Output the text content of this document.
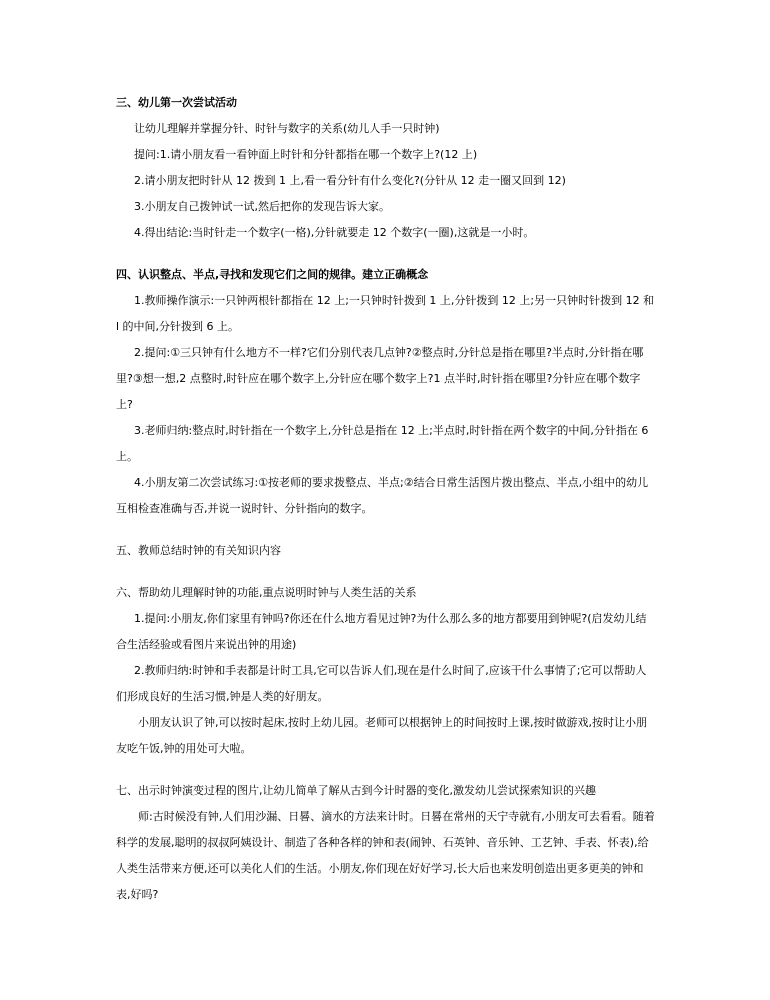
三、幼儿第一次尝试活动

让幼儿理解并掌握分针、时针与数字的关系(幼儿人手一只时钟)

提问:1.请小朋友看一看钟面上时针和分针都指在哪一个数字上?(12 上)

2.请小朋友把时针从 12 拨到 1 上,看一看分针有什么变化?(分针从 12 走一圈又回到 12)

3.小朋友自己拨钟试一试,然后把你的发现告诉大家。

4.得出结论:当时针走一个数字(一格),分针就要走 12 个数字(一圈),这就是一小时。

四、认识整点、半点,寻找和发现它们之间的规律。建立正确概念

1.教师操作演示:一只钟两根针都指在 12 上;一只钟时针拨到 1 上,分针拨到 12 上;另一只钟时针拨到 12 和 l 的中间,分针拨到 6 上。

2.提问:①三只钟有什么地方不一样?它们分别代表几点钟?②整点时,分针总是指在哪里?半点时,分针指在哪里?③想一想,2 点整时,时针应在哪个数字上,分针应在哪个数字上?1 点半时,时针指在哪里?分针应在哪个数字上?

3.老师归纳:整点时,时针指在一个数字上,分针总是指在 12 上;半点时,时针指在两个数字的中间,分针指在 6 上。

4.小朋友第二次尝试练习:①按老师的要求拨整点、半点;②结合日常生活图片拨出整点、半点,小组中的幼儿互相检查准确与否,并说一说时针、分针指向的数字。

五、教师总结时钟的有关知识内容

六、帮助幼儿理解时钟的功能,重点说明时钟与人类生活的关系

1.提问:小朋友,你们家里有钟吗?你还在什么地方看见过钟?为什么那么多的地方都要用到钟呢?(启发幼儿结合生活经验或看图片来说出钟的用途)

2.教师归纳:时钟和手表都是计时工具,它可以告诉人们,现在是什么时间了,应该干什么事情了;它可以帮助人们形成良好的生活习惯,钟是人类的好朋友。

小朋友认识了钟,可以按时起床,按时上幼儿园。老师可以根据钟上的时间按时上课,按时做游戏,按时让小朋友吃午饭,钟的用处可大啦。

七、出示时钟演变过程的图片,让幼儿简单了解从古到今计时器的变化,激发幼儿尝试探索知识的兴趣

师:古时候没有钟,人们用沙漏、日晷、滴水的方法来计时。日晷在常州的天宁寺就有,小朋友可去看看。随着科学的发展,聪明的叔叔阿姨设计、制造了各种各样的钟和表(闹钟、石英钟、音乐钟、工艺钟、手表、怀表),给人类生活带来方便,还可以美化人们的生活。小朋友,你们现在好好学习,长大后也来发明创造出更多更美的钟和表,好吗?
